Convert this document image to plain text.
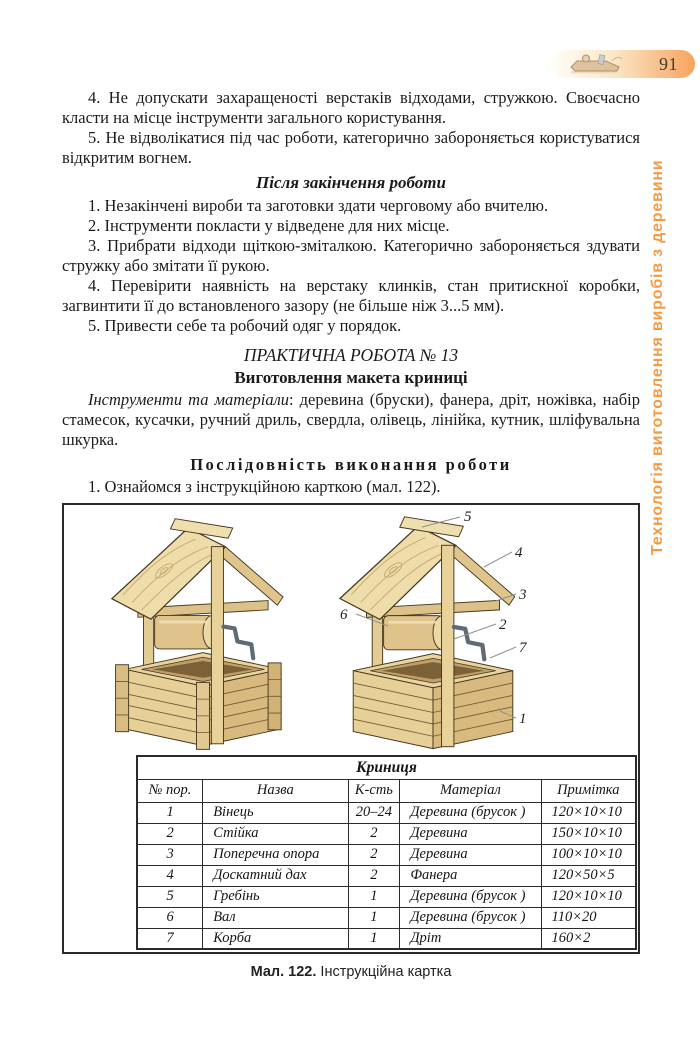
91
Технологія виготовлення виробів з деревини

4. Не допускати захаращеності верстаків відходами, стружкою. Своєчасно класти на місце інструменти загального користування.

5. Не відволікатися під час роботи, категорично забороняється користуватися відкритим вогнем.

Після закінчення роботи

1. Незакінчені вироби та заготовки здати черговому або вчителю.

2. Інструменти покласти у відведене для них місце.

3. Прибрати відходи щіткою-зміталкою. Категорично забороняється здувати стружку або змітати її рукою.

4. Перевірити наявність на верстаку клинків, стан притискної коробки, загвинтити її до встановленого зазору (не більше ніж 3...5 мм).

5. Привести себе та робочий одяг у порядок.

ПРАКТИЧНА РОБОТА № 13
Виготовлення макета криниці

Інструменти та матеріали: деревина (бруски), фанера, дріт, ножівка, набір стамесок, кусачки, ручний дриль, свердла, олівець, лінійка, кутник, шліфувальна шкурка.

Послідовність виконання роботи

1. Ознайомся з інструкційною карткою (мал. 122).

5
4
3
6
2
7
1
Криниця				
№ пор.	Назва	К-сть	Матеріал	Примітка
1	Вінець	20–24	Деревина (брусок )	120×10×10
2	Стійка	2	Деревина	150×10×10
3	Поперечна опора	2	Деревина	100×10×10
4	Доскатний дах	2	Фанера	120×50×5
5	Гребінь	1	Деревина (брусок )	120×10×10
6	Вал	1	Деревина (брусок )	110×20
7	Корба	1	Дріт	160×2

Мал. 122. Інструкційна картка
